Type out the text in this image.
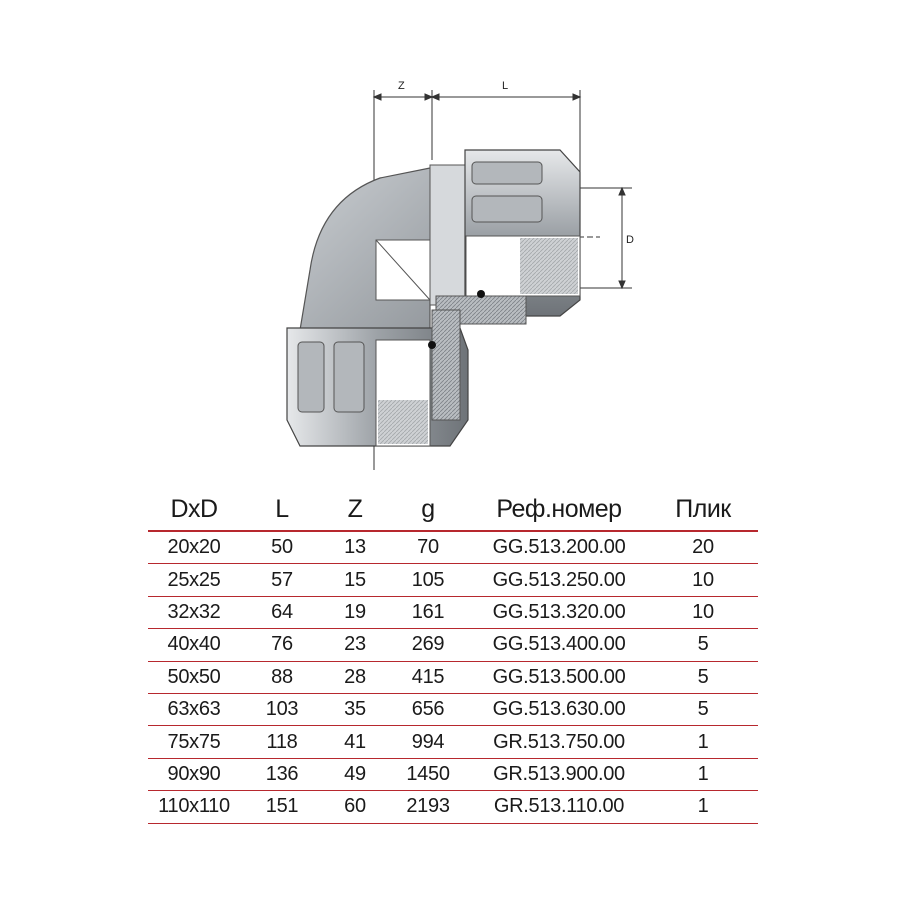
Z	L
D
DxD	L	Z	g	Реф.номер	Плик
20x20	50	13	70	GG.513.200.00	20
25x25	57	15	105	GG.513.250.00	10
32x32	64	19	161	GG.513.320.00	10
40x40	76	23	269	GG.513.400.00	5
50x50	88	28	415	GG.513.500.00	5
63x63	103	35	656	GG.513.630.00	5
75x75	118	41	994	GR.513.750.00	1
90x90	136	49	1450	GR.513.900.00	1
110x110	151	60	2193	GR.513.110.00	1
